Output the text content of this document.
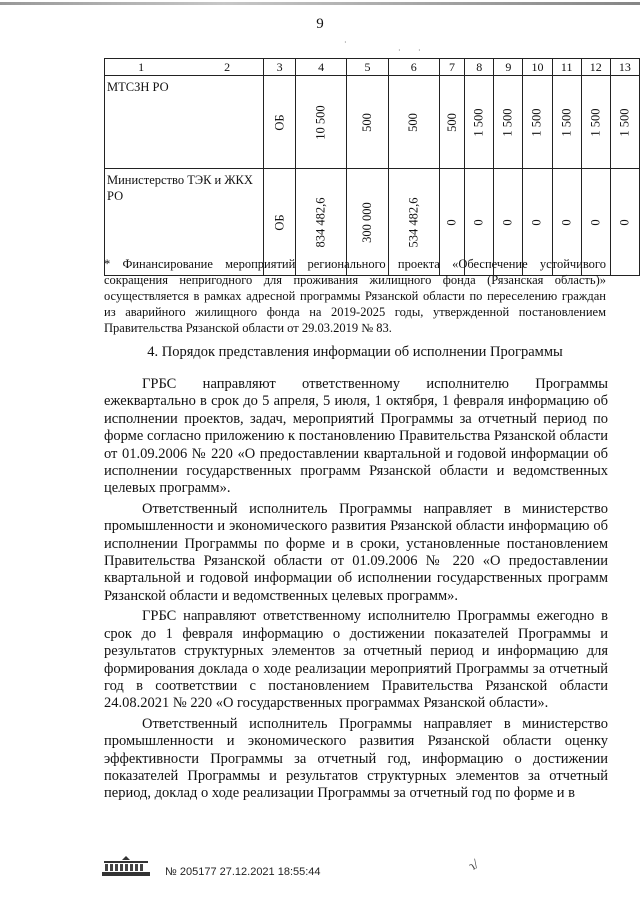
9
·
· ·
1 2	3	4	5	6	7	8	9	10	11	12	13
МТСЗН РО	ОБ	10 500	500	500	500	1 500	1 500	1 500	1 500	1 500	1 500
Министерство ТЭК и ЖКХ РО	ОБ	834 482,6	300 000	534 482,6	0	0	0	0	0	0	0
* Финансирование мероприятий регионального проекта «Обеспечение устойчивого сокращения непригодного для проживания жилищного фонда (Рязанская область)» осуществляется в рамках адресной программы Рязанской области по переселению граждан из аварийного жилищного фонда на 2019-2025 годы, утвержденной постановлением Правительства Рязанской области от 29.03.2019 № 83.
4. Порядок представления информации об исполнении Программы

ГРБС направляют ответственному исполнителю Программы ежеквартально в срок до 5 апреля, 5 июля, 1 октября, 1 февраля информацию об исполнении проектов, задач, мероприятий Программы за отчетный период по форме согласно приложению к постановлению Правительства Рязанской области от 01.09.2006 № 220 «О предоставлении квартальной и годовой информации об исполнении государственных программ Рязанской области и ведомственных целевых программ».

Ответственный исполнитель Программы направляет в министерство промышленности и экономического развития Рязанской области информацию об исполнении Программы по форме и в сроки, установленные постановлением Правительства Рязанской области от 01.09.2006 № 220 «О предоставлении квартальной и годовой информации об исполнении государственных программ Рязанской области и ведомственных целевых программ».

ГРБС направляют ответственному исполнителю Программы ежегодно в срок до 1 февраля информацию о достижении показателей Программы и результатов структурных элементов за отчетный период и информацию для формирования доклада о ходе реализации мероприятий Программы за отчетный год в соответствии с постановлением Правительства Рязанской области 24.08.2021 № 220 «О государственных программах Рязанской области».

Ответственный исполнитель Программы направляет в министерство промышленности и экономического развития Рязанской области оценку эффективности Программы за отчетный год, информацию о достижении показателей Программы и результатов структурных элементов за отчетный период, доклад о ходе реализации Программы за отчетный год по форме и в

№ 205177 27.12.2021 18:55:44	ɿ/
